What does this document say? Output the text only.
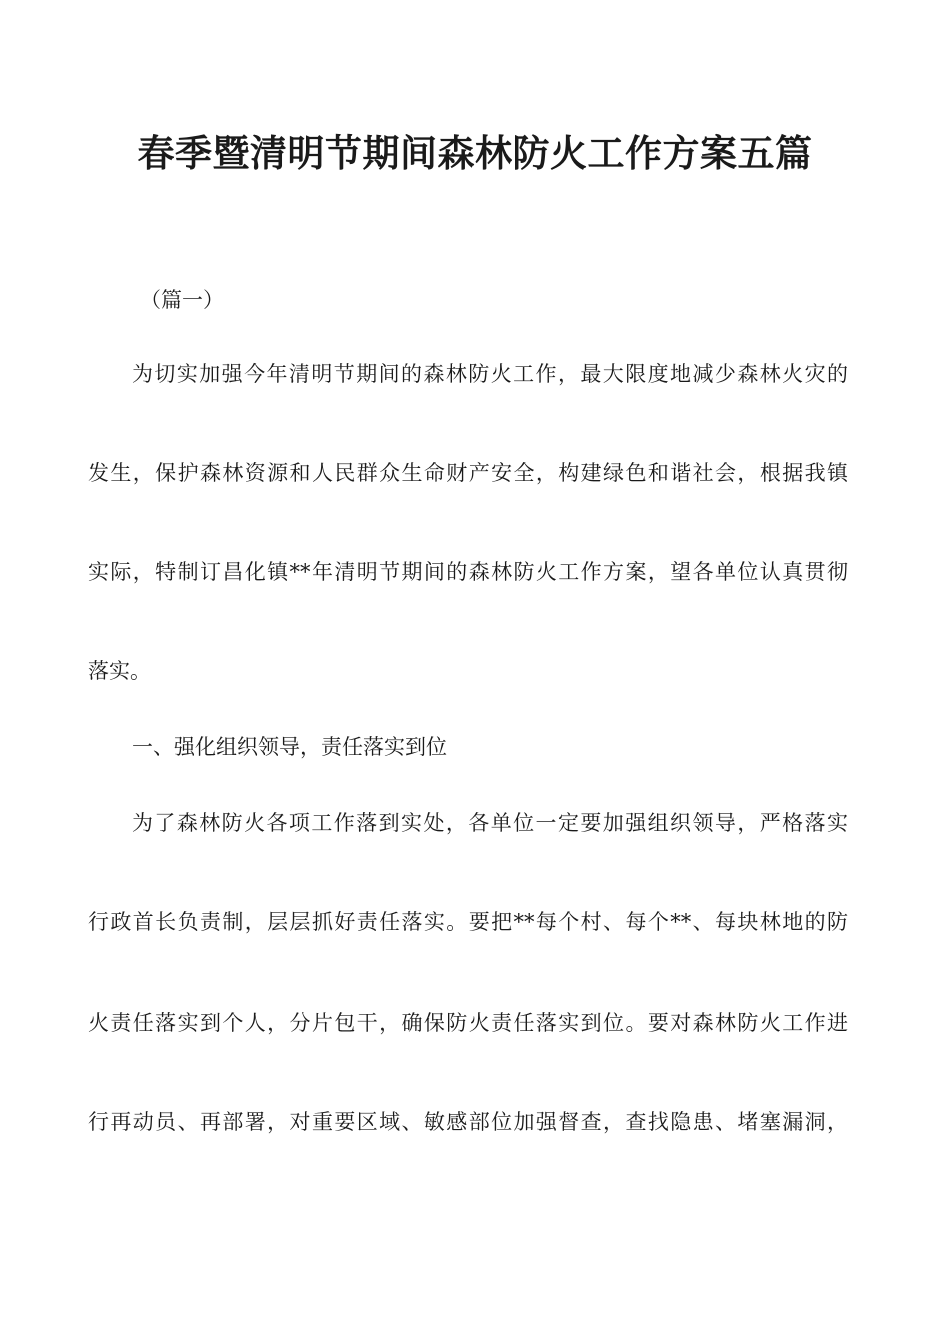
春季暨清明节期间森林防火工作方案五篇

（篇一）

为切实加强今年清明节期间的森林防火工作，最大限度地减少森林火灾的

发生，保护森林资源和人民群众生命财产安全，构建绿色和谐社会，根据我镇

实际，特制订昌化镇**年清明节期间的森林防火工作方案，望各单位认真贯彻

落实。

一、强化组织领导，责任落实到位

为了森林防火各项工作落到实处，各单位一定要加强组织领导，严格落实

行政首长负责制，层层抓好责任落实。要把**每个村、每个**、每块林地的防

火责任落实到个人，分片包干，确保防火责任落实到位。要对森林防火工作进

行再动员、再部署，对重要区域、敏感部位加强督查，查找隐患、堵塞漏洞，
